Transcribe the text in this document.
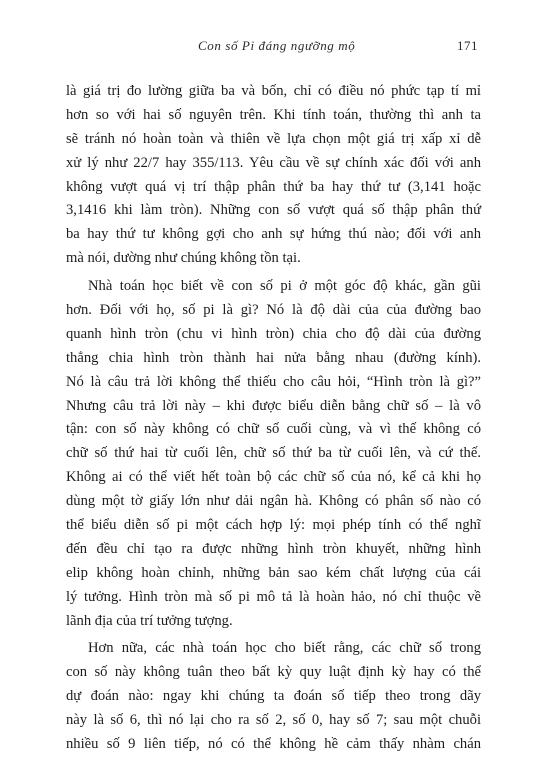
Con số Pi đáng ngưỡng mộ	171
là giá trị đo lường giữa ba và bốn, chỉ có điều nó phức tạp tí mỉ
hơn so với hai số nguyên trên. Khi tính toán, thường thì anh ta
sẽ tránh nó hoàn toàn và thiên về lựa chọn một giá trị xấp xỉ dễ
xử lý như 22/7 hay 355/113. Yêu cầu về sự chính xác đối với anh
không vượt quá vị trí thập phân thứ ba hay thứ tư (3,141 hoặc
3,1416 khi làm tròn). Những con số vượt quá số thập phân thứ
ba hay thứ tư không gợi cho anh sự hứng thú nào; đối với anh
mà nói, dường như chúng không tồn tại.
Nhà toán học biết về con số pi ở một góc độ khác, gần gũi
hơn. Đối với họ, số pi là gì? Nó là độ dài của của đường bao
quanh hình tròn (chu vi hình tròn) chia cho độ dài của đường
thẳng chia hình tròn thành hai nửa bằng nhau (đường kính).
Nó là câu trả lời không thể thiếu cho câu hỏi, “Hình tròn là gì?”
Nhưng câu trả lời này – khi được biểu diễn bằng chữ số – là vô
tận: con số này không có chữ số cuối cùng, và vì thế không có
chữ số thứ hai từ cuối lên, chữ số thứ ba từ cuối lên, và cứ thế.
Không ai có thể viết hết toàn bộ các chữ số của nó, kể cả khi họ
dùng một tờ giấy lớn như dải ngân hà. Không có phân số nào có
thể biểu diễn số pi một cách hợp lý: mọi phép tính có thể nghĩ
đến đều chỉ tạo ra được những hình tròn khuyết, những hình
elip không hoàn chỉnh, những bản sao kém chất lượng của cái
lý tưởng. Hình tròn mà số pi mô tả là hoàn hảo, nó chỉ thuộc về
lãnh địa của trí tưởng tượng.
Hơn nữa, các nhà toán học cho biết rằng, các chữ số trong
con số này không tuân theo bất kỳ quy luật định kỳ hay có thể
dự đoán nào: ngay khi chúng ta đoán số tiếp theo trong dãy
này là số 6, thì nó lại cho ra số 2, số 0, hay số 7; sau một chuỗi
nhiều số 9 liên tiếp, nó có thể không hề cảm thấy nhàm chán
